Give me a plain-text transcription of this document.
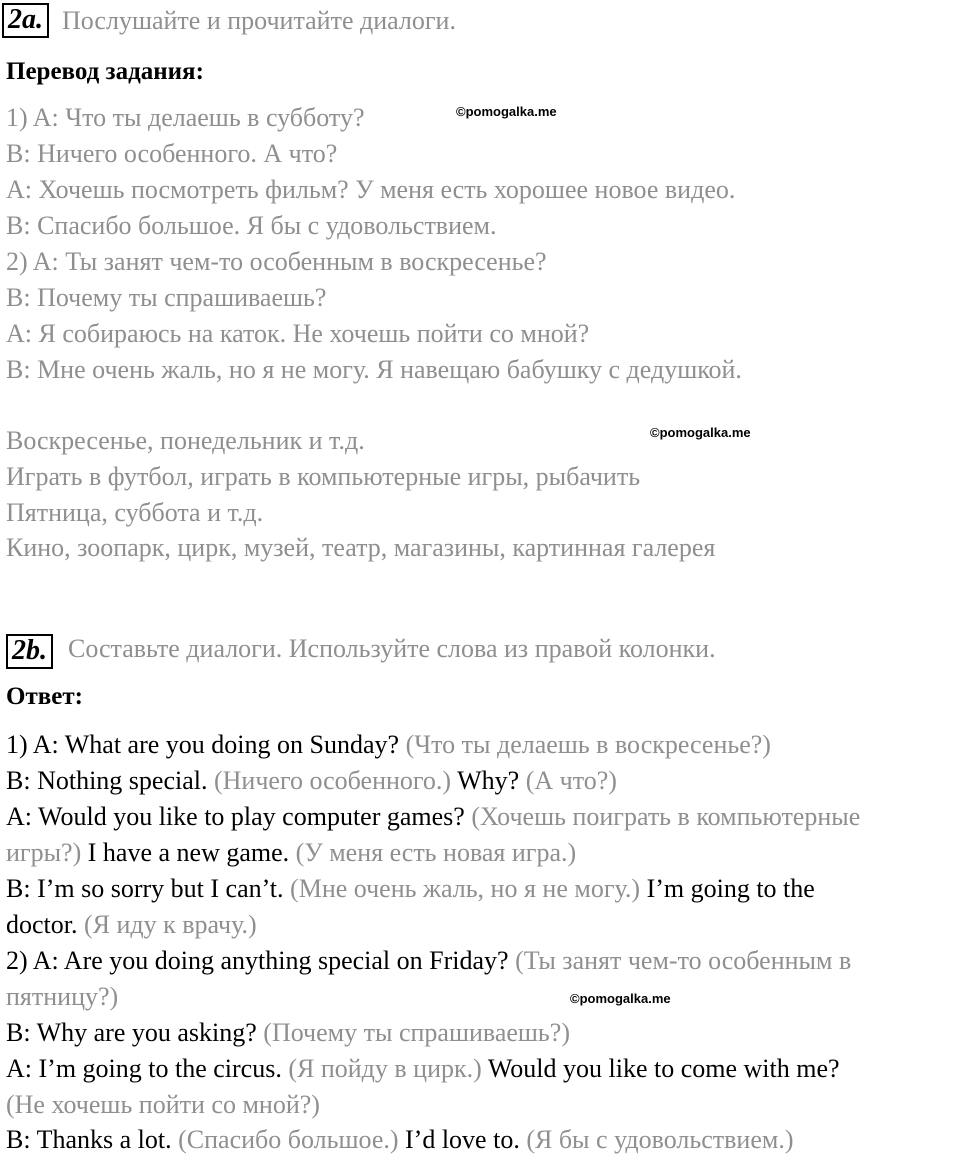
2a. Послушайте и прочитайте диалоги.
Перевод задания:
1) A: Что ты делаешь в субботу?
B: Ничего особенного. А что?
A: Хочешь посмотреть фильм? У меня есть хорошее новое видео.
B: Спасибо большое. Я бы с удовольствием.
2) A: Ты занят чем-то особенным в воскресенье?
B: Почему ты спрашиваешь?
A: Я собираюсь на каток. Не хочешь пойти со мной?
B: Мне очень жаль, но я не могу. Я навещаю бабушку с дедушкой.
Воскресенье, понедельник и т.д.
Играть в футбол, играть в компьютерные игры, рыбачить
Пятница, суббота и т.д.
Кино, зоопарк, цирк, музей, театр, магазины, картинная галерея
2b. Составьте диалоги. Используйте слова из правой колонки.
Ответ:
1) A: What are you doing on Sunday? (Что ты делаешь в воскресенье?)
B: Nothing special. (Ничего особенного.) Why? (А что?)
A: Would you like to play computer games? (Хочешь поиграть в компьютерные
игры?) I have a new game. (У меня есть новая игра.)
B: I’m so sorry but I can’t. (Мне очень жаль, но я не могу.) I’m going to the
doctor. (Я иду к врачу.)
2) A: Are you doing anything special on Friday? (Ты занят чем-то особенным в
пятницу?)
B: Why are you asking? (Почему ты спрашиваешь?)
A: I’m going to the circus. (Я пойду в цирк.) Would you like to come with me?
(Не хочешь пойти со мной?)
B: Thanks a lot. (Спасибо большое.) I’d love to. (Я бы с удовольствием.)
©pomogalka.me
©pomogalka.me
©pomogalka.me
